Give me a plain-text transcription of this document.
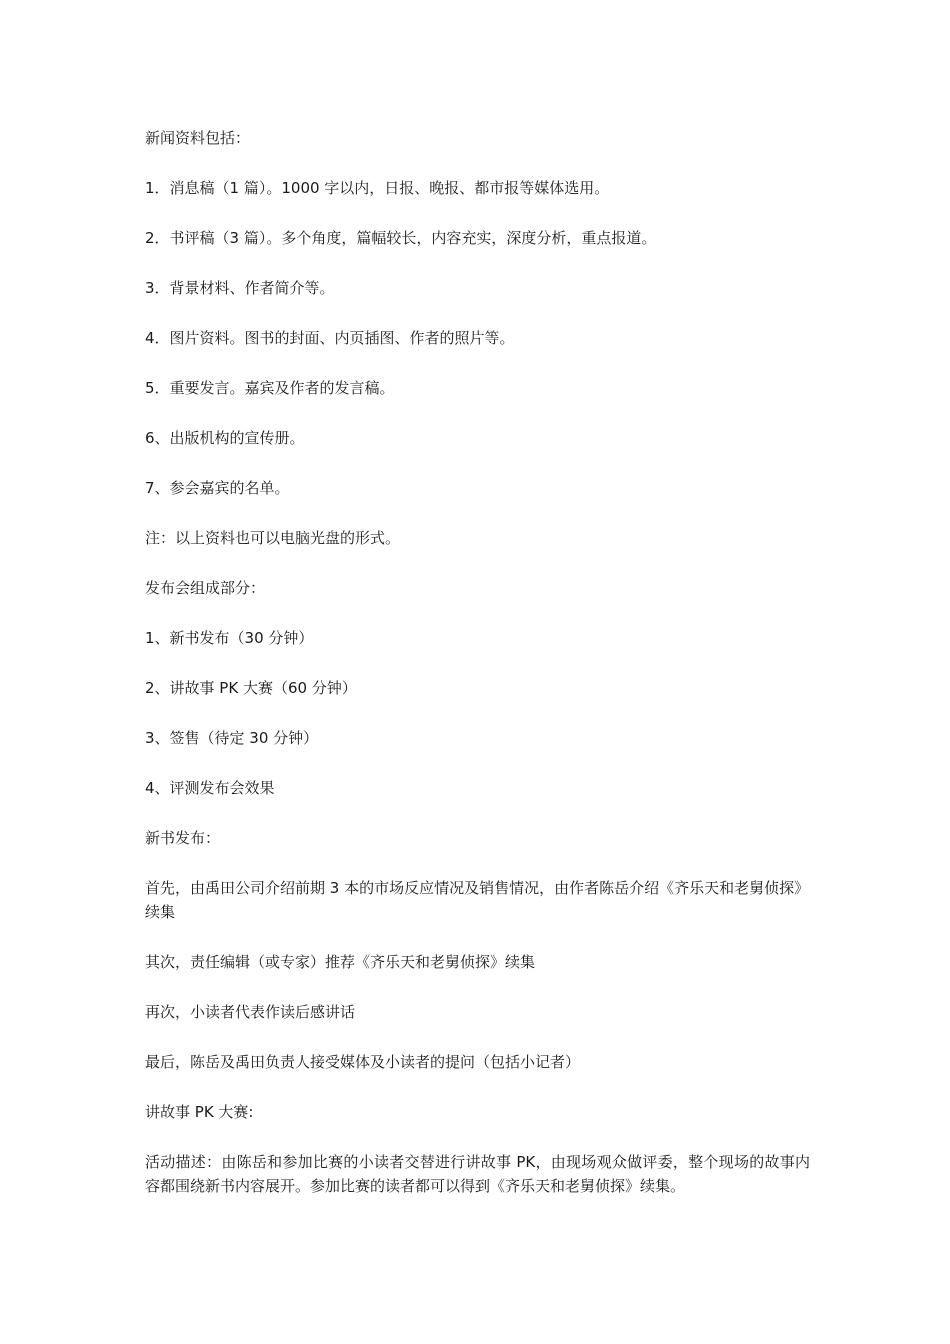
新闻资料包括：

1．消息稿（1 篇）。1000 字以内，日报、晚报、都市报等媒体选用。

2．书评稿（3 篇）。多个角度，篇幅较长，内容充实，深度分析，重点报道。

3．背景材料、作者简介等。

4．图片资料。图书的封面、内页插图、作者的照片等。

5．重要发言。嘉宾及作者的发言稿。

6、出版机构的宣传册。

7、参会嘉宾的名单。

注：以上资料也可以电脑光盘的形式。

发布会组成部分：

1、新书发布（30 分钟）

2、讲故事 PK 大赛（60 分钟）

3、签售（待定 30 分钟）

4、评测发布会效果

新书发布：

首先，由禹田公司介绍前期 3 本的市场反应情况及销售情况，由作者陈岳介绍《齐乐天和老舅侦探》续集

其次，责任编辑（或专家）推荐《齐乐天和老舅侦探》续集

再次，小读者代表作读后感讲话

最后，陈岳及禹田负责人接受媒体及小读者的提问（包括小记者）

讲故事 PK 大赛:

活动描述：由陈岳和参加比赛的小读者交替进行讲故事 PK，由现场观众做评委，整个现场的故事内容都围绕新书内容展开。参加比赛的读者都可以得到《齐乐天和老舅侦探》续集。
